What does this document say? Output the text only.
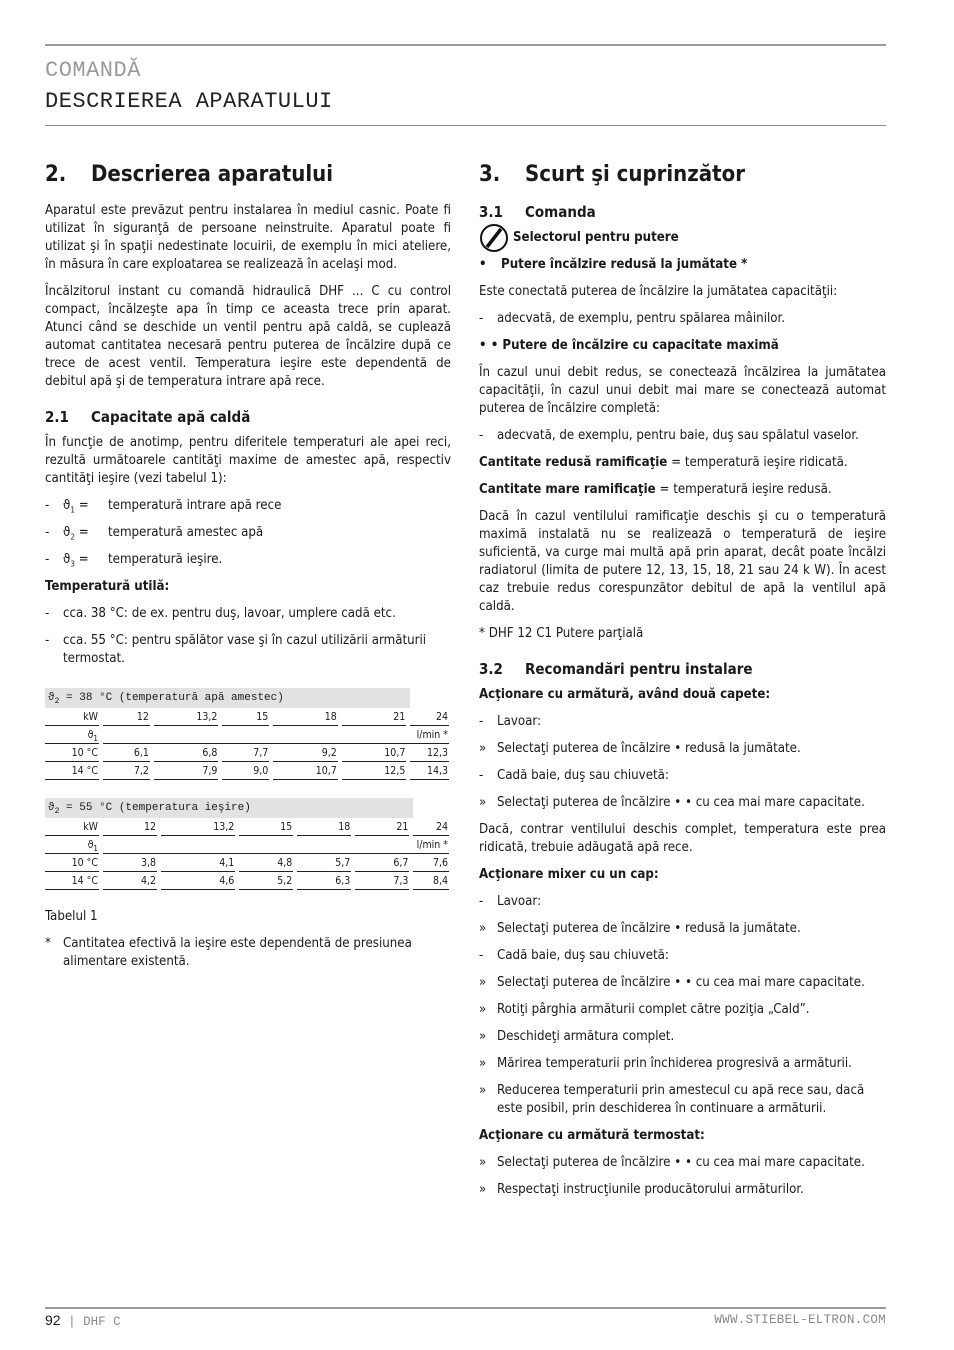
COMANDĂ
DESCRIEREA APARATULUI
2.	Descrierea aparatului

Aparatul este prevăzut pentru instalarea în mediul casnic. Poate fi utilizat în siguranţă de persoane neinstruite. Aparatul poate fi utilizat şi în spaţii nedestinate locuirii, de exemplu în mici ateliere, în măsura în care exploatarea se realizează în acelaşi mod.

Încălzitorul instant cu comandă hidraulică DHF ... C cu control compact, încălzeşte apa în timp ce aceasta trece prin aparat. Atunci când se deschide un ventil pentru apă caldă, se cuplează automat cantitatea necesară pentru puterea de încălzire după ce trece de acest ventil. Temperatura ieşire este dependentă de debitul apă şi de temperatura intrare apă rece.

2.1	Capacitate apă caldă

În funcţie de anotimp, pentru diferitele temperaturi ale apei reci, rezultă următoarele cantităţi maxime de amestec apă, respectiv cantităţi ieşire (vezi tabelul 1):

-	$ϑ_1$ =	temperatură intrare apă rece
-	$ϑ_2$ =	temperatură amestec apă
-	$ϑ_3$ =	temperatură ieşire.

Temperatură utilă:

-	cca. 38 °C: de ex. pentru duş, lavoar, umplere cadă etc.
-	cca. 55 °C: pentru spălător vase şi în cazul utilizării armăturii termostat.
$ϑ_2 = 38$ °C (temperatură apă amestec)												
kW		12		13,2		15		18		21		24
$ϑ_1$		l/min *										
10 °C		6,1		6,8		7,7		9,2		10,7		12,3
14 °C		7,2		7,9		9,0		10,7		12,5		14,3
$ϑ_2 = 55$ °C (temperatura ieşire)												
kW		12		13,2		15		18		21		24
$ϑ_1$		l/min *										
10 °C		3,8		4,1		4,8		5,7		6,7		7,6
14 °C		4,2		4,6		5,2		6,3		7,3		8,4

Tabelul 1

* Cantitatea efectivă la ieşire este dependentă de presiunea alimentare existentă.
3.	Scurt şi cuprinzător
3.1	Comanda
Selectorul pentru putere
•	Putere încălzire redusă la jumătate *

Este conectată puterea de încălzire la jumătatea capacităţii:

-	adecvată, de exemplu, pentru spălarea mâinilor.

• • Putere de încălzire cu capacitate maximă

În cazul unui debit redus, se conectează încălzirea la jumătatea capacităţii, în cazul unui debit mai mare se conectează automat puterea de încălzire completă:

-	adecvată, de exemplu, pentru baie, duş sau spălatul vaselor.

Cantitate redusă ramificaţie = temperatură ieşire ridicată.

Cantitate mare ramificaţie = temperatură ieşire redusă.

Dacă în cazul ventilului ramificaţie deschis şi cu o temperatură maximă instalată nu se realizează o temperatură de ieşire suficientă, va curge mai multă apă prin aparat, decât poate încălzi radiatorul (limita de putere 12, 13, 15, 18, 21 sau 24 k W). În acest caz trebuie redus corespunzător debitul de apă la ventilul apă caldă.

* DHF 12 C1 Putere parţială

3.2	Recomandări pentru instalare

Acţionare cu armătură, având două capete:

-	Lavoar:
» Selectaţi puterea de încălzire • redusă la jumătate.
-	Cadă baie, duş sau chiuvetă:
» Selectaţi puterea de încălzire • • cu cea mai mare capacitate.

Dacă, contrar ventilului deschis complet, temperatura este prea ridicată, trebuie adăugată apă rece.

Acţionare mixer cu un cap:

-	Lavoar:
» Selectaţi puterea de încălzire • redusă la jumătate.
-	Cadă baie, duş sau chiuvetă:
» Selectaţi puterea de încălzire • • cu cea mai mare capacitate.
» Rotiţi pârghia armăturii complet către poziţia „Cald”.
» Deschideţi armătura complet.
» Mărirea temperaturii prin închiderea progresivă a armăturii.
» Reducerea temperaturii prin amestecul cu apă rece sau, dacă este posibil, prin deschiderea în continuare a armăturii.

Acţionare cu armătură termostat:

» Selectaţi puterea de încălzire • • cu cea mai mare capacitate.
» Respectaţi instrucţiunile producătorului armăturilor.
92 | DHF C	WWW.STIEBEL-ELTRON.COM
